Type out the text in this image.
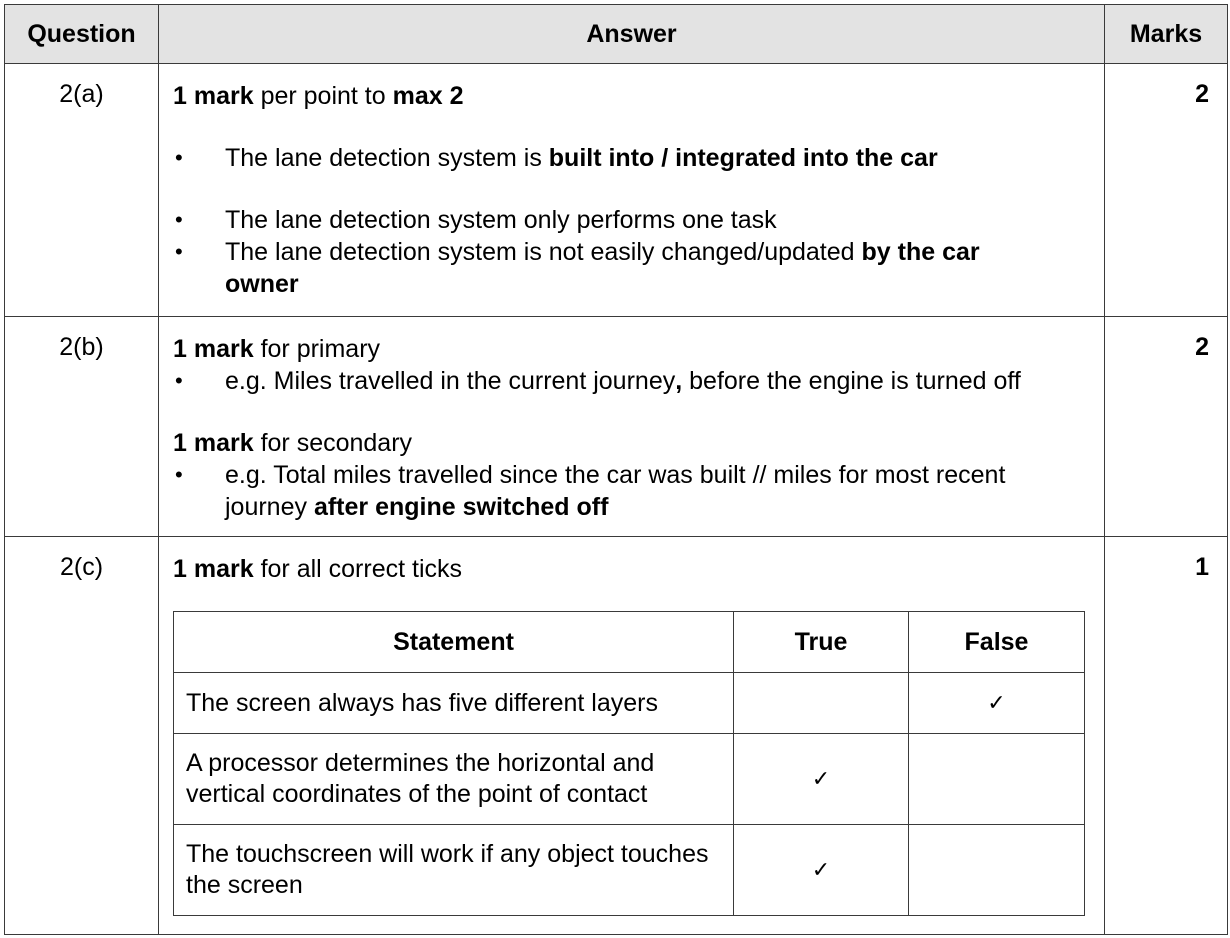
Question	Answer	Marks
2(a)	1 mark per point to max 2

• The lane detection system is built into / integrated into the car
• The lane detection system only performs one task
• The lane detection system is not easily changed/updated by the car owner
	2
2(b)	1 mark for primary

• e.g. Miles travelled in the current journey, before the engine is turned off

1 mark for secondary

• e.g. Total miles travelled since the car was built // miles for most recent journey after engine switched off
	2
2(c)	1 mark for all correct ticks

Statement	True	False
The screen always has five different layers		✓
A processor determines the horizontal and vertical coordinates of the point of contact	✓	
The touchscreen will work if any object touches the screen	✓	
	1
